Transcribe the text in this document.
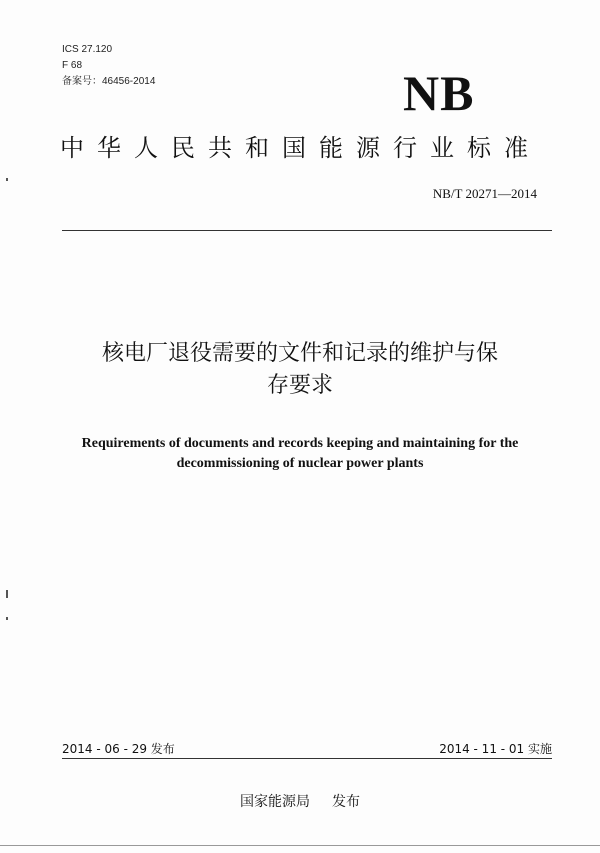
ICS 27.120
F 68
备案号：46456-2014	NB
中华人民共和国能源行业标准
NB/T 20271—2014
核电厂退役需要的文件和记录的维护与保
存要求
Requirements of documents and records keeping and maintaining for the
decommissioning of nuclear power plants
2014 - 06 - 29 发布	2014 - 11 - 01 实施
国家能源局 发布
